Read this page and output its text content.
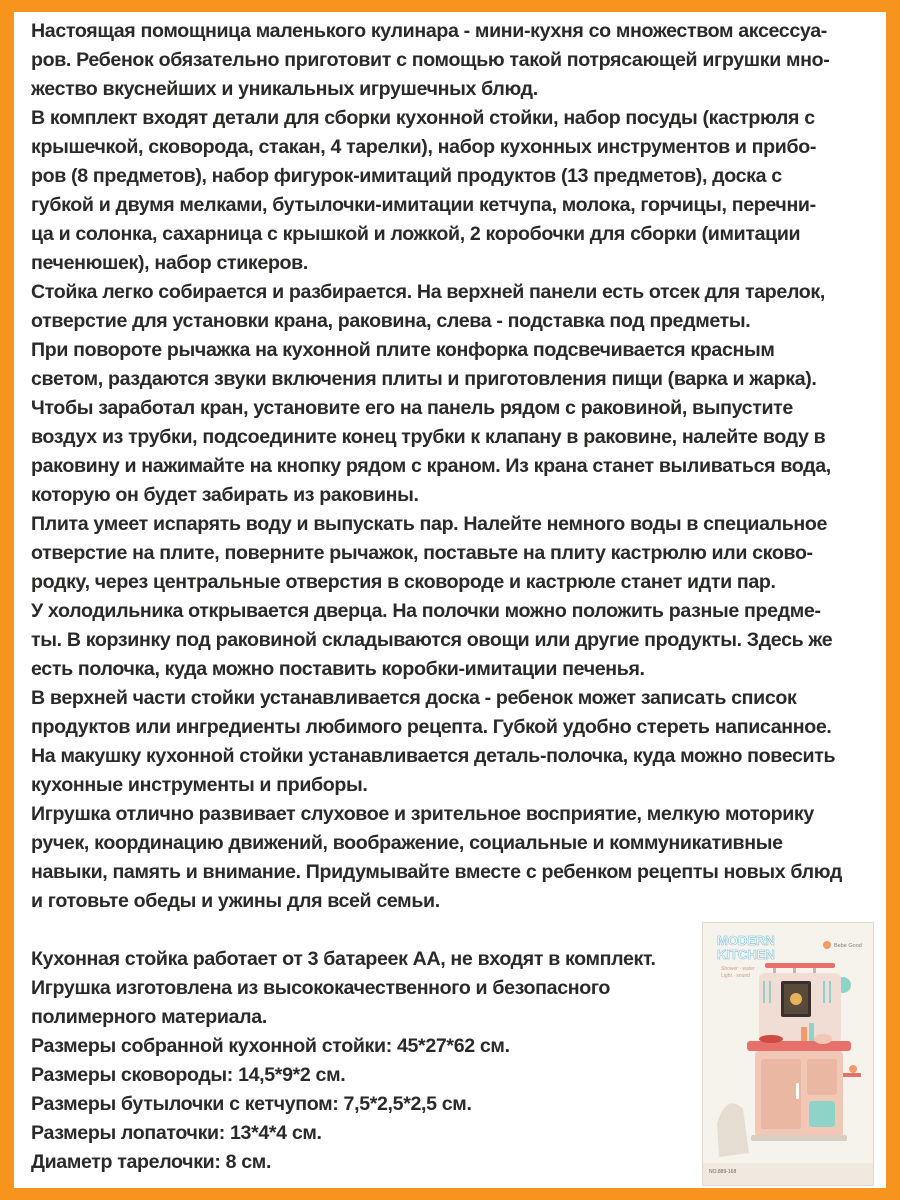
Настоящая помощница маленького кулинара - мини-кухня со множеством аксессуа-
ров. Ребенок обязательно приготовит с помощью такой потрясающей игрушки мно-
жество вкуснейших и уникальных игрушечных блюд.
В комплект входят детали для сборки кухонной стойки, набор посуды (кастрюля с
крышечкой, сковорода, стакан, 4 тарелки), набор кухонных инструментов и прибо-
ров (8 предметов), набор фигурок-имитаций продуктов (13 предметов), доска с
губкой и двумя мелками, бутылочки-имитации кетчупа, молока, горчицы, перечни-
ца и солонка, сахарница с крышкой и ложкой, 2 коробочки для сборки (имитации
печенюшек), набор стикеров.
Стойка легко собирается и разбирается. На верхней панели есть отсек для тарелок,
отверстие для установки крана, раковина, слева - подставка под предметы.
При повороте рычажка на кухонной плите конфорка подсвечивается красным
светом, раздаются звуки включения плиты и приготовления пищи (варка и жарка).
Чтобы заработал кран, установите его на панель рядом с раковиной, выпустите
воздух из трубки, подсоедините конец трубки к клапану в раковине, налейте воду в
раковину и нажимайте на кнопку рядом с краном. Из крана станет выливаться вода,
которую он будет забирать из раковины.
Плита умеет испарять воду и выпускать пар. Налейте немного воды в специальное
отверстие на плите, поверните рычажок, поставьте на плиту кастрюлю или сково-
родку, через центральные отверстия в сковороде и кастрюле станет идти пар.
У холодильника открывается дверца. На полочки можно положить разные предме-
ты. В корзинку под раковиной складываются овощи или другие продукты. Здесь же
есть полочка, куда можно поставить коробки-имитации печенья.
В верхней части стойки устанавливается доска - ребенок может записать список
продуктов или ингредиенты любимого рецепта. Губкой удобно стереть написанное.
На макушку кухонной стойки устанавливается деталь-полочка, куда можно повесить
кухонные инструменты и приборы.
Игрушка отлично развивает слуховое и зрительное восприятие, мелкую моторику
ручек, координацию движений, воображение, социальные и коммуникативные
навыки, память и внимание. Придумывайте вместе с ребенком рецепты новых блюд
и готовьте обеды и ужины для всей семьи.
Кухонная стойка работает от 3 батареек АА, не входят в комплект.
Игрушка изготовлена из высококачественного и безопасного
полимерного материала.
Размеры собранной кухонной стойки: 45*27*62 см.
Размеры сковороды: 14,5*9*2 см.
Размеры бутылочки с кетчупом: 7,5*2,5*2,5 см.
Размеры лопаточки: 13*4*4 см.
Диаметр тарелочки: 8 см.
MODERN
KITCHEN
Shower · water
Light · sound
Bebe Good
NO.889-168
